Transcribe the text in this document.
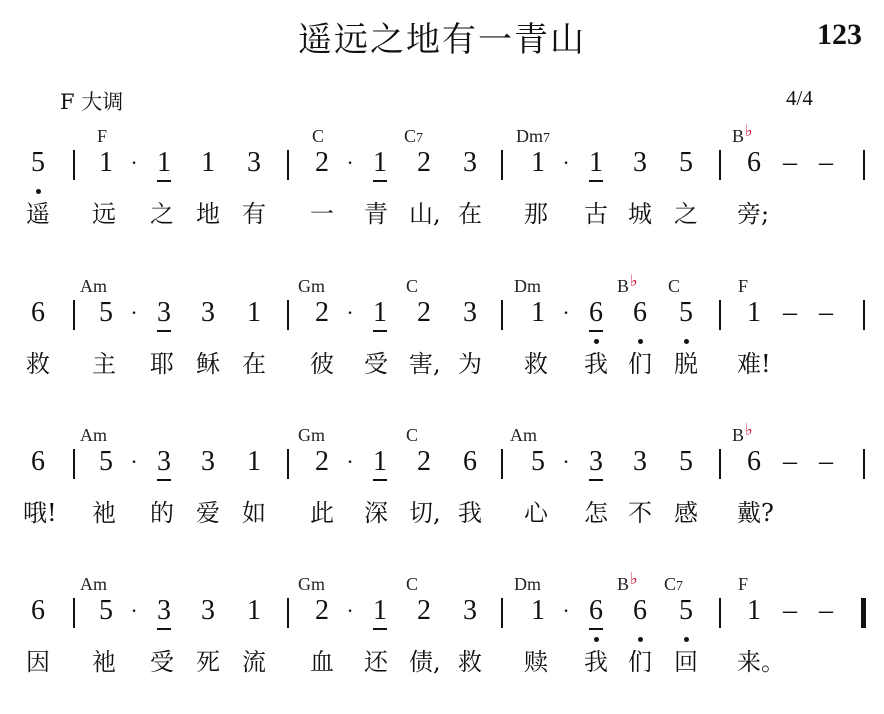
遥远之地有一青山	123
F 大调	4/4
F	C	C7	Dm7	B♭
5 1 · 1 1 3 2 · 1 2 3 1 · 1 3 5 6 – –
遥 远 之 地 有 一 青 山, 在 那 古 城 之 旁;
Am	Gm	C	Dm	B♭ C	F
6 5 · 3 3 1 2 · 1 2 3 1 · 6 6 5 1 – –
救 主 耶 稣 在 彼 受 害, 为 救 我 们 脱 难!
Am	Gm	C	Am	B♭
6 5 · 3 3 1 2 · 1 2 6 5 · 3 3 5 6 – –
哦! 祂 的 爱 如 此 深 切, 我 心 怎 不 感 戴?
Am	Gm	C	Dm	B♭ C7	F
6 5 · 3 3 1 2 · 1 2 3 1 · 6 6 5 1 – –
因 祂 受 死 流 血 还 债, 救 赎 我 们 回 来。
